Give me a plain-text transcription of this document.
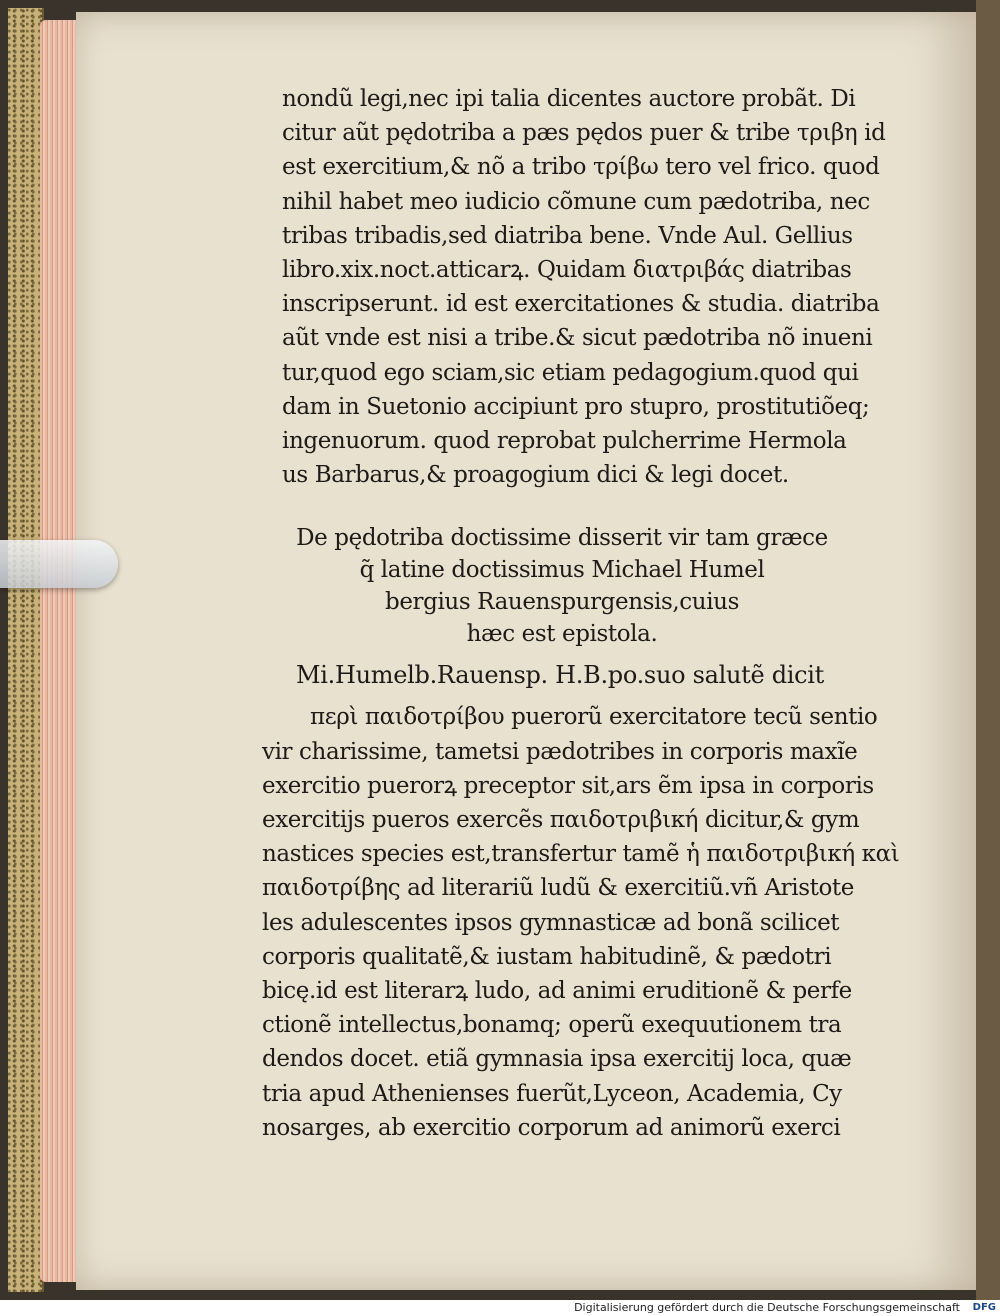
nondũ legi,nec ipi talia dicentes auctore probãt. Di
citur aũt pędotriba a pæs pędos puer & tribe τριβη id
est exercitium,& nõ a tribo τρίβω tero vel frico. quod
nihil habet meo iudicio cõmune cum pædotriba, nec
tribas tribadis,sed diatriba bene. Vnde Aul. Gellius
libro.xix.noct.atticarꝝ. Quidam διατριβάς diatribas
inscripserunt. id est exercitationes & studia. diatriba
aũt vnde est nisi a tribe.& sicut pædotriba nõ inueni
tur,quod ego sciam,sic etiam pedagogium.quod qui
dam in Suetonio accipiunt pro stupro, prostitutiõeq;
ingenuorum. quod reprobat pulcherrime Hermola
us Barbarus,& proagogium dici & legi docet.
De pędotriba doctissime disserit vir tam græce
q̃ latine doctissimus Michael Humel
bergius Rauenspurgensis,cuius
hæc est epistola.
Mi.Humelb.Rauensp. H.B.po.suo salutẽ dicit
περὶ παιδοτρίβου puerorũ exercitatore tecũ sentio
vir charissime, tametsi pædotribes in corporis maxĩe
exercitio puerorꝝ preceptor sit,ars ẽm ipsa in corporis
exercitijs pueros exercẽs παιδοτριβική dicitur,& gym
nastices species est,transfertur tamẽ ἡ παιδοτριβική καὶ
παιδοτρίβης ad literariũ ludũ & exercitiũ.vñ Aristote
les adulescentes ipsos gymnasticæ ad bonã scilicet
corporis qualitatẽ,& iustam habitudinẽ, & pædotri
bicę.id est literarꝝ ludo, ad animi eruditionẽ & perfe
ctionẽ intellectus,bonamq; operũ exequutionem tra
dendos docet. etiã gymnasia ipsa exercitij loca, quæ
tria apud Athenienses fuerũt,Lyceon, Academia, Cy
nosarges, ab exercitio corporum ad animorũ exerci
Digitalisierung gefördert durch die Deutsche Forschungsgemeinschaft DFG
